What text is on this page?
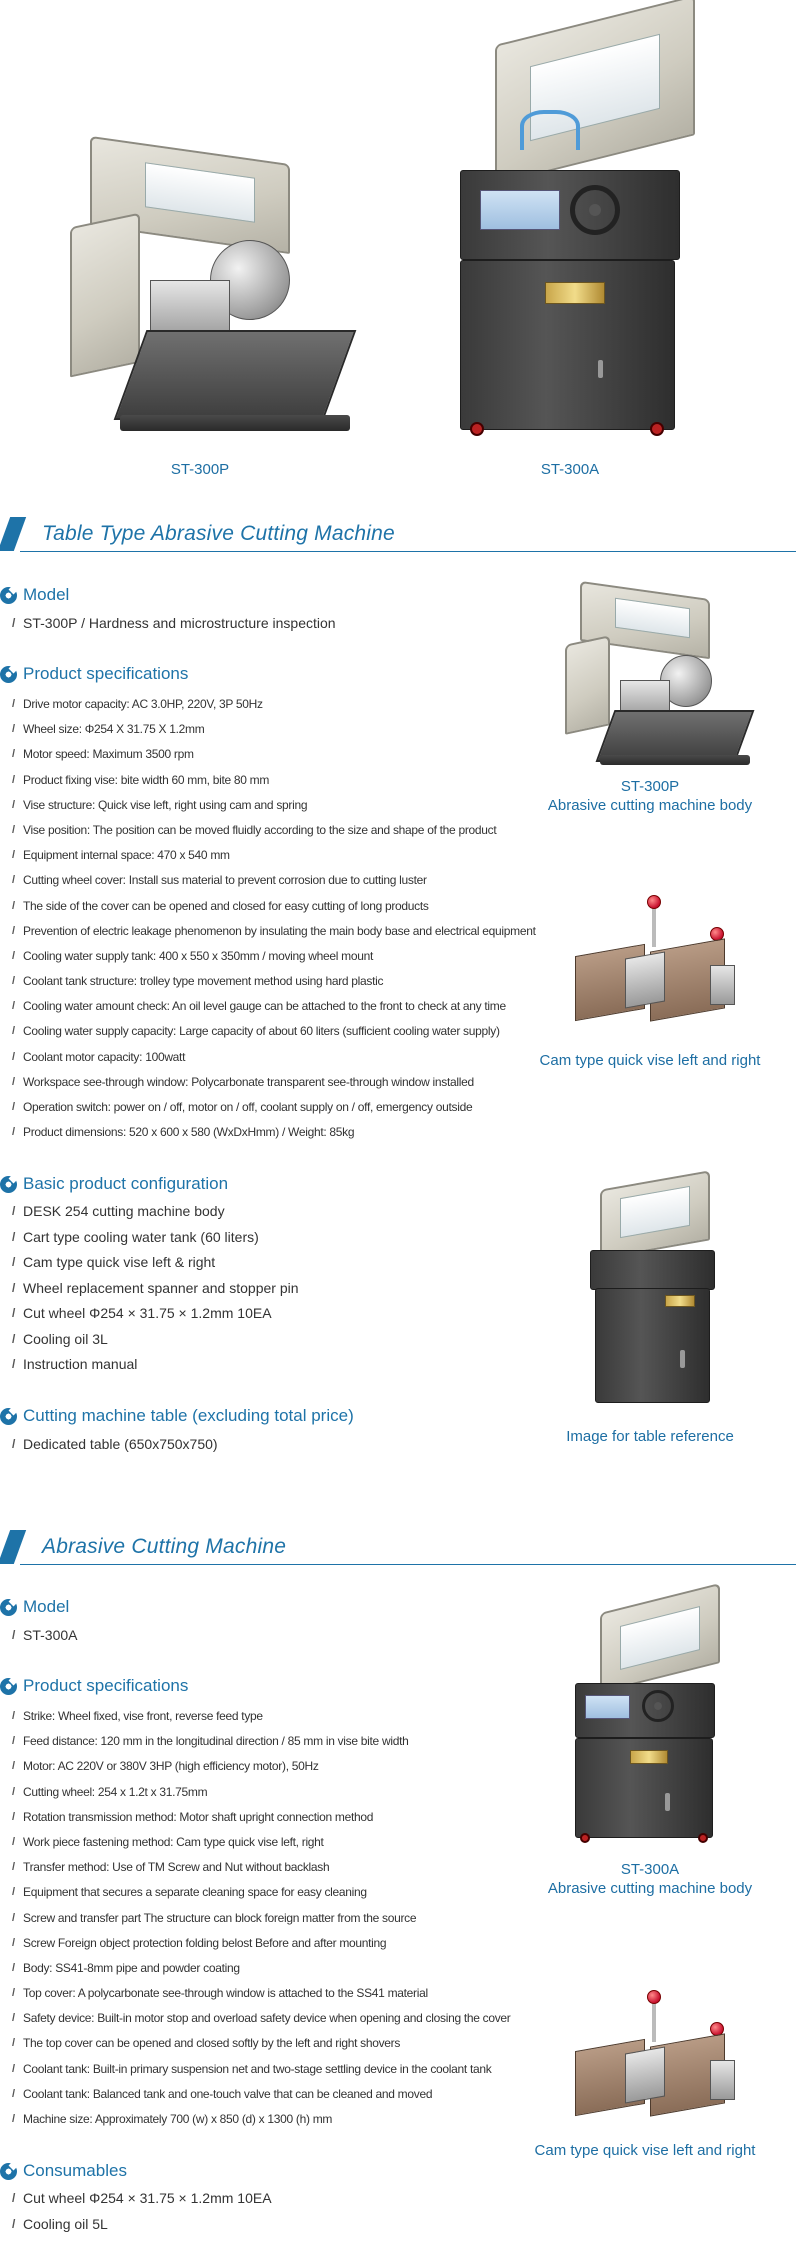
ST-300P	ST-300A
Table Type Abrasive Cutting Machine
Model
/ ST-300P / Hardness and microstructure inspection
Product specifications
/ Drive motor capacity: AC 3.0HP, 220V, 3P 50Hz
/ Wheel size: Φ254 X 31.75 X 1.2mm
/ Motor speed: Maximum 3500 rpm
/ Product fixing vise: bite width 60 mm, bite 80 mm
/ Vise structure: Quick vise left, right using cam and spring
/ Vise position: The position can be moved fluidly according to the size and shape of the product
/ Equipment internal space: 470 x 540 mm
/ Cutting wheel cover: Install sus material to prevent corrosion due to cutting luster
/ The side of the cover can be opened and closed for easy cutting of long products
/ Prevention of electric leakage phenomenon by insulating the main body base and electrical equipment
/ Cooling water supply tank: 400 x 550 x 350mm / moving wheel mount
/ Coolant tank structure: trolley type movement method using hard plastic
/ Cooling water amount check: An oil level gauge can be attached to the front to check at any time
/ Cooling water supply capacity: Large capacity of about 60 liters (sufficient cooling water supply)
/ Coolant motor capacity: 100watt
/ Workspace see-through window: Polycarbonate transparent see-through window installed
/ Operation switch: power on / off, motor on / off, coolant supply on / off, emergency outside
/ Product dimensions: 520 x 600 x 580 (WxDxHmm) / Weight: 85kg
Basic product configuration
/ DESK 254 cutting machine body
/ Cart type cooling water tank (60 liters)
/ Cam type quick vise left & right
/ Wheel replacement spanner and stopper pin
/ Cut wheel Φ254 × 31.75 × 1.2mm 10EA
/ Cooling oil 3L
/ Instruction manual
Cutting machine table (excluding total price)
/ Dedicated table (650x750x750)
ST-300P
Abrasive cutting machine body
Cam type quick vise left and right
Image for table reference
Abrasive Cutting Machine
Model
/ ST-300A
Product specifications
/ Strike: Wheel fixed, vise front, reverse feed type
/ Feed distance: 120 mm in the longitudinal direction / 85 mm in vise bite width
/ Motor: AC 220V or 380V 3HP (high efficiency motor), 50Hz
/ Cutting wheel: 254 x 1.2t x 31.75mm
/ Rotation transmission method: Motor shaft upright connection method
/ Work piece fastening method: Cam type quick vise left, right
/ Transfer method: Use of TM Screw and Nut without backlash
/ Equipment that secures a separate cleaning space for easy cleaning
/ Screw and transfer part The structure can block foreign matter from the source
/ Screw Foreign object protection folding belost Before and after mounting
/ Body: SS41-8mm pipe and powder coating
/ Top cover: A polycarbonate see-through window is attached to the SS41 material
/ Safety device: Built-in motor stop and overload safety device when opening and closing the cover
/ The top cover can be opened and closed softly by the left and right shovers
/ Coolant tank: Built-in primary suspension net and two-stage settling device in the coolant tank
/ Coolant tank: Balanced tank and one-touch valve that can be cleaned and moved
/ Machine size: Approximately 700 (w) x 850 (d) x 1300 (h) mm
Consumables
/ Cut wheel Φ254 × 31.75 × 1.2mm 10EA
/ Cooling oil 5L
ST-300A
Abrasive cutting machine body
Cam type quick vise left and right
